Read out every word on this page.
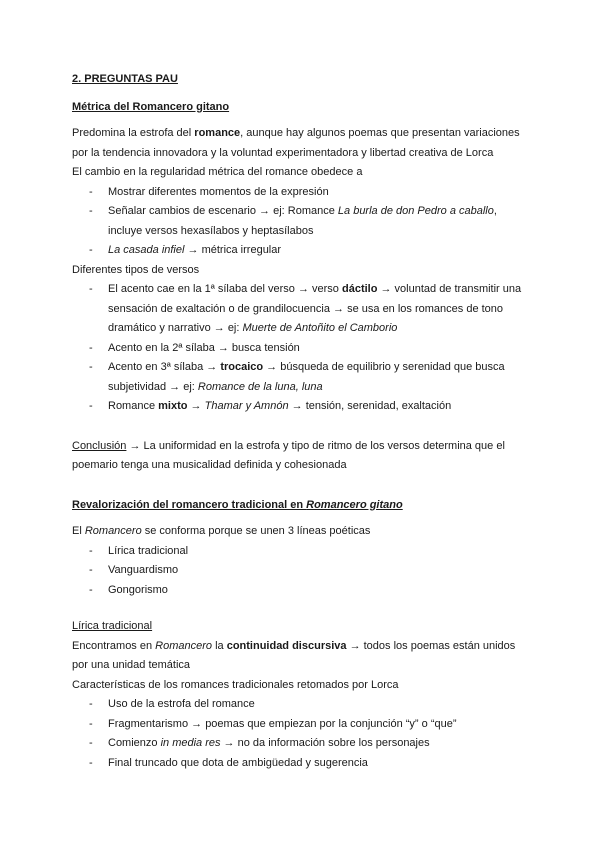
2. PREGUNTAS PAU

Métrica del Romancero gitano

Predomina la estrofa del romance, aunque hay algunos poemas que presentan variaciones

por la tendencia innovadora y la voluntad experimentadora y libertad creativa de Lorca

El cambio en la regularidad métrica del romance obedece a

- Mostrar diferentes momentos de la expresión
- Señalar cambios de escenario → ej: Romance La burla de don Pedro a caballo,
incluye versos hexasílabos y heptasílabos
- La casada infiel → métrica irregular

Diferentes tipos de versos

- El acento cae en la 1ª sílaba del verso → verso dáctilo → voluntad de transmitir una
sensación de exaltación o de grandilocuencia → se usa en los romances de tono
dramático y narrativo → ej: Muerte de Antoñito el Camborio
- Acento en la 2ª sílaba → busca tensión
- Acento en 3ª sílaba → trocaico → búsqueda de equilibrio y serenidad que busca
subjetividad → ej: Romance de la luna, luna
- Romance mixto → Thamar y Amnón → tensión, serenidad, exaltación

Conclusión → La uniformidad en la estrofa y tipo de ritmo de los versos determina que el

poemario tenga una musicalidad definida y cohesionada

Revalorización del romancero tradicional en Romancero gitano

El Romancero se conforma porque se unen 3 líneas poéticas

- Lírica tradicional
- Vanguardismo
- Gongorismo

Lírica tradicional

Encontramos en Romancero la continuidad discursiva → todos los poemas están unidos

por una unidad temática

Características de los romances tradicionales retomados por Lorca

- Uso de la estrofa del romance
- Fragmentarismo → poemas que empiezan por la conjunción “y” o “que”
- Comienzo in media res → no da información sobre los personajes
- Final truncado que dota de ambigüedad y sugerencia
